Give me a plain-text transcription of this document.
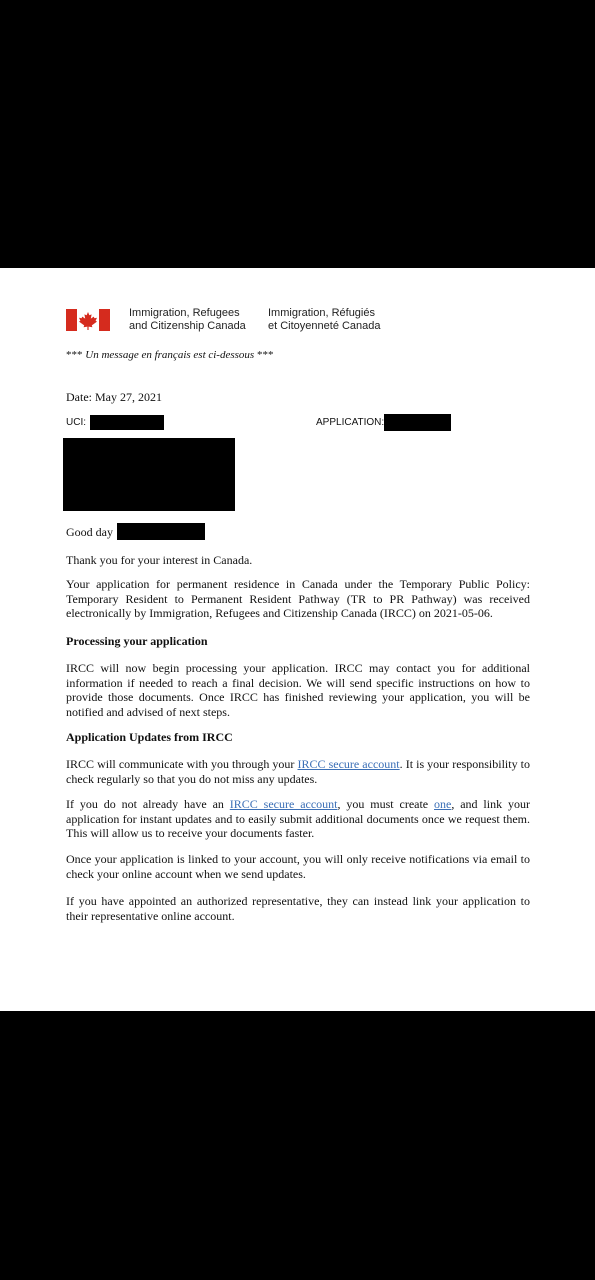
Immigration, Refugees
and Citizenship Canada
Immigration, Réfugiés
et Citoyenneté Canada
*** Un message en français est ci-dessous ***
Date: May 27, 2021
UCI:	APPLICATION:
Good day
Thank you for your interest in Canada.

Your application for permanent residence in Canada under the Temporary Public Policy: Temporary Resident to Permanent Resident Pathway (TR to PR Pathway) was received electronically by Immigration, Refugees and Citizenship Canada (IRCC) on 2021-05-06.

Processing your application

IRCC will now begin processing your application. IRCC may contact you for additional information if needed to reach a final decision. We will send specific instructions on how to provide those documents. Once IRCC has finished reviewing your application, you will be notified and advised of next steps.

Application Updates from IRCC

IRCC will communicate with you through your IRCC secure account. It is your responsibility to check regularly so that you do not miss any updates.

If you do not already have an IRCC secure account, you must create one, and link your application for instant updates and to easily submit additional documents once we request them. This will allow us to receive your documents faster.

Once your application is linked to your account, you will only receive notifications via email to check your online account when we send updates.

If you have appointed an authorized representative, they can instead link your application to their representative online account.
